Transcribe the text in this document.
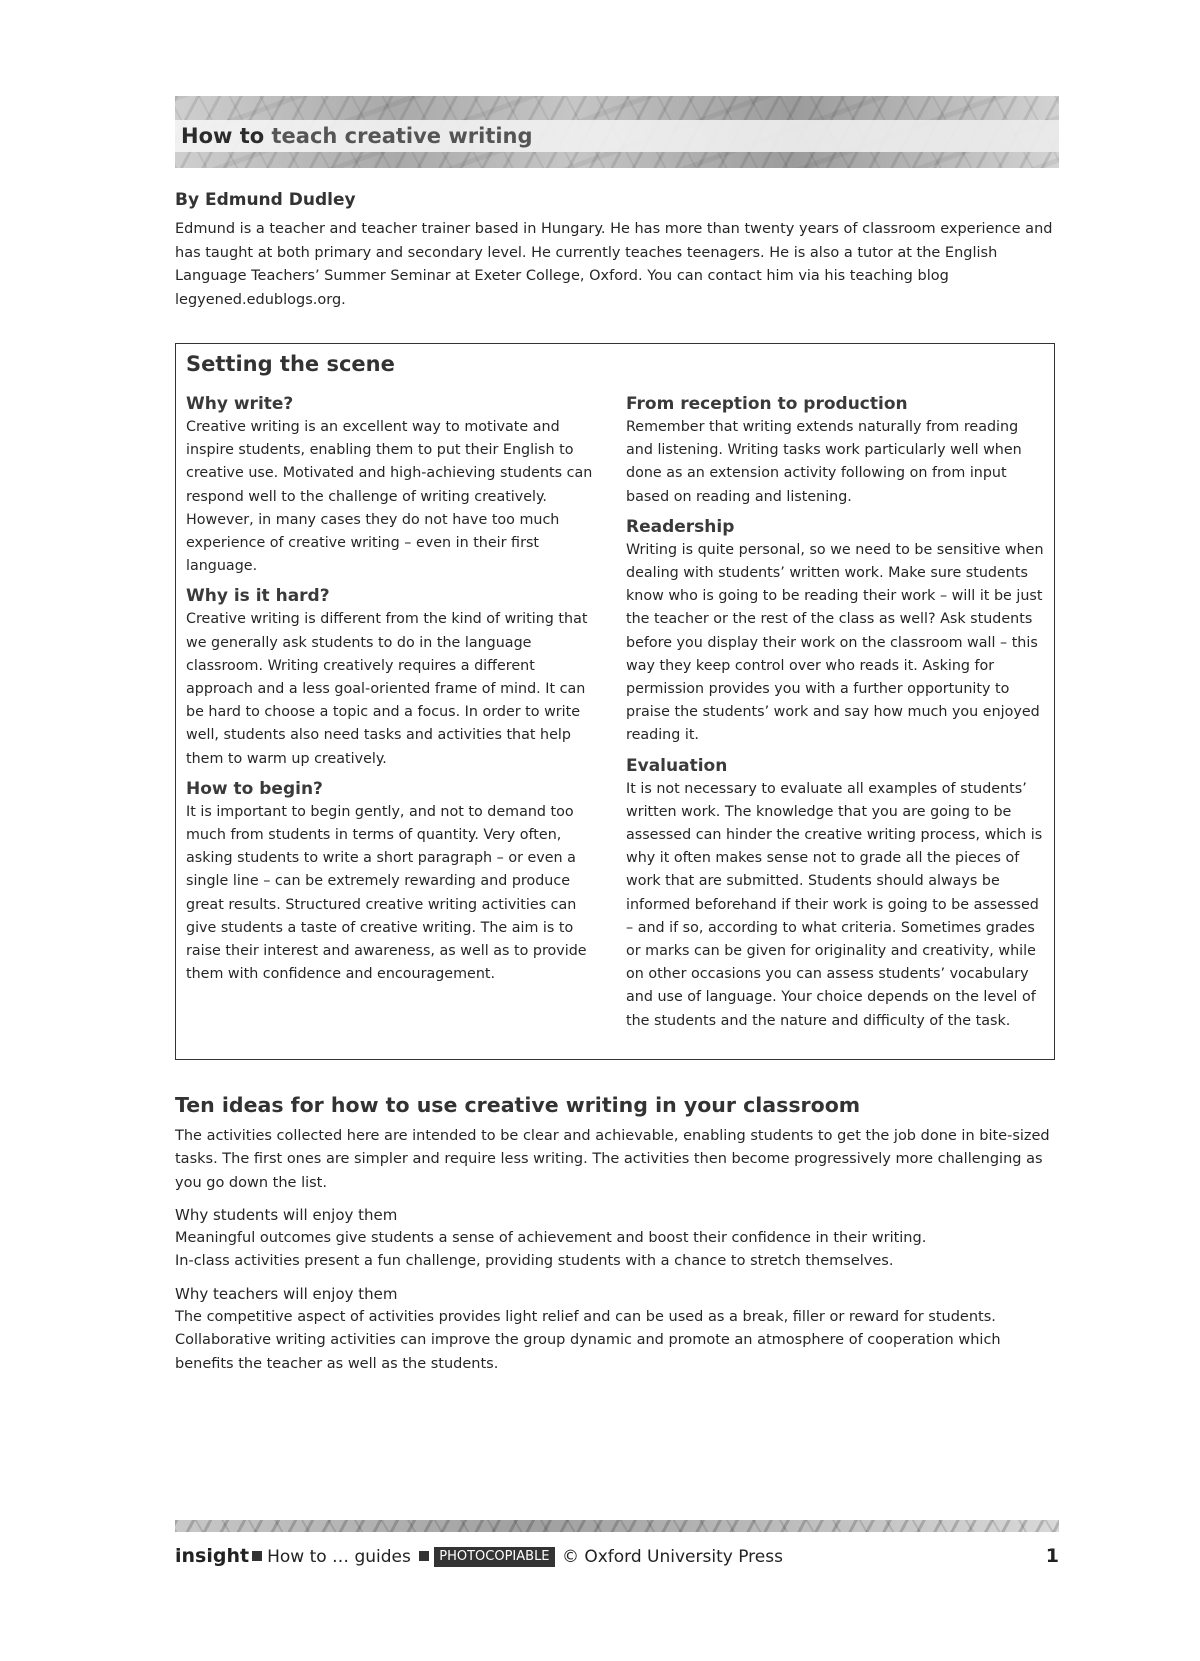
How to teach creative writing
By Edmund Dudley

Edmund is a teacher and teacher trainer based in Hungary. He has more than twenty years of classroom experience and has taught at both primary and secondary level. He currently teaches teenagers. He is also a tutor at the English Language Teachers’ Summer Seminar at Exeter College, Oxford. You can contact him via his teaching blog legyened.edublogs.org.

Setting the scene
Why write?

Creative writing is an excellent way to motivate and inspire students, enabling them to put their English to creative use. Motivated and high-achieving students can respond well to the challenge of writing creatively. However, in many cases they do not have too much experience of creative writing – even in their first language.

Why is it hard?

Creative writing is different from the kind of writing that we generally ask students to do in the language classroom. Writing creatively requires a different approach and a less goal-oriented frame of mind. It can be hard to choose a topic and a focus. In order to write well, students also need tasks and activities that help them to warm up creatively.

How to begin?

It is important to begin gently, and not to demand too much from students in terms of quantity. Very often, asking students to write a short paragraph – or even a single line – can be extremely rewarding and produce great results. Structured creative writing activities can give students a taste of creative writing. The aim is to raise their interest and awareness, as well as to provide them with confidence and encouragement.

From reception to production

Remember that writing extends naturally from reading and listening. Writing tasks work particularly well when done as an extension activity following on from input based on reading and listening.

Readership

Writing is quite personal, so we need to be sensitive when dealing with students’ written work. Make sure students know who is going to be reading their work – will it be just the teacher or the rest of the class as well? Ask students before you display their work on the classroom wall – this way they keep control over who reads it. Asking for permission provides you with a further opportunity to praise the students’ work and say how much you enjoyed reading it.

Evaluation

It is not necessary to evaluate all examples of students’ written work. The knowledge that you are going to be assessed can hinder the creative writing process, which is why it often makes sense not to grade all the pieces of work that are submitted. Students should always be informed beforehand if their work is going to be assessed – and if so, according to what criteria. Sometimes grades or marks can be given for originality and creativity, while on other occasions you can assess students’ vocabulary and use of language. Your choice depends on the level of the students and the nature and difficulty of the task.

Ten ideas for how to use creative writing in your classroom

The activities collected here are intended to be clear and achievable, enabling students to get the job done in bite-sized tasks. The first ones are simpler and require less writing. The activities then become progressively more challenging as you go down the list.

Why students will enjoy them

Meaningful outcomes give students a sense of achievement and boost their confidence in their writing.

In-class activities present a fun challenge, providing students with a chance to stretch themselves.

Why teachers will enjoy them

The competitive aspect of activities provides light relief and can be used as a break, filler or reward for students.

Collaborative writing activities can improve the group dynamic and promote an atmosphere of cooperation which benefits the teacher as well as the students.

insight How to … guides PHOTOCOPIABLE © Oxford University Press	1
